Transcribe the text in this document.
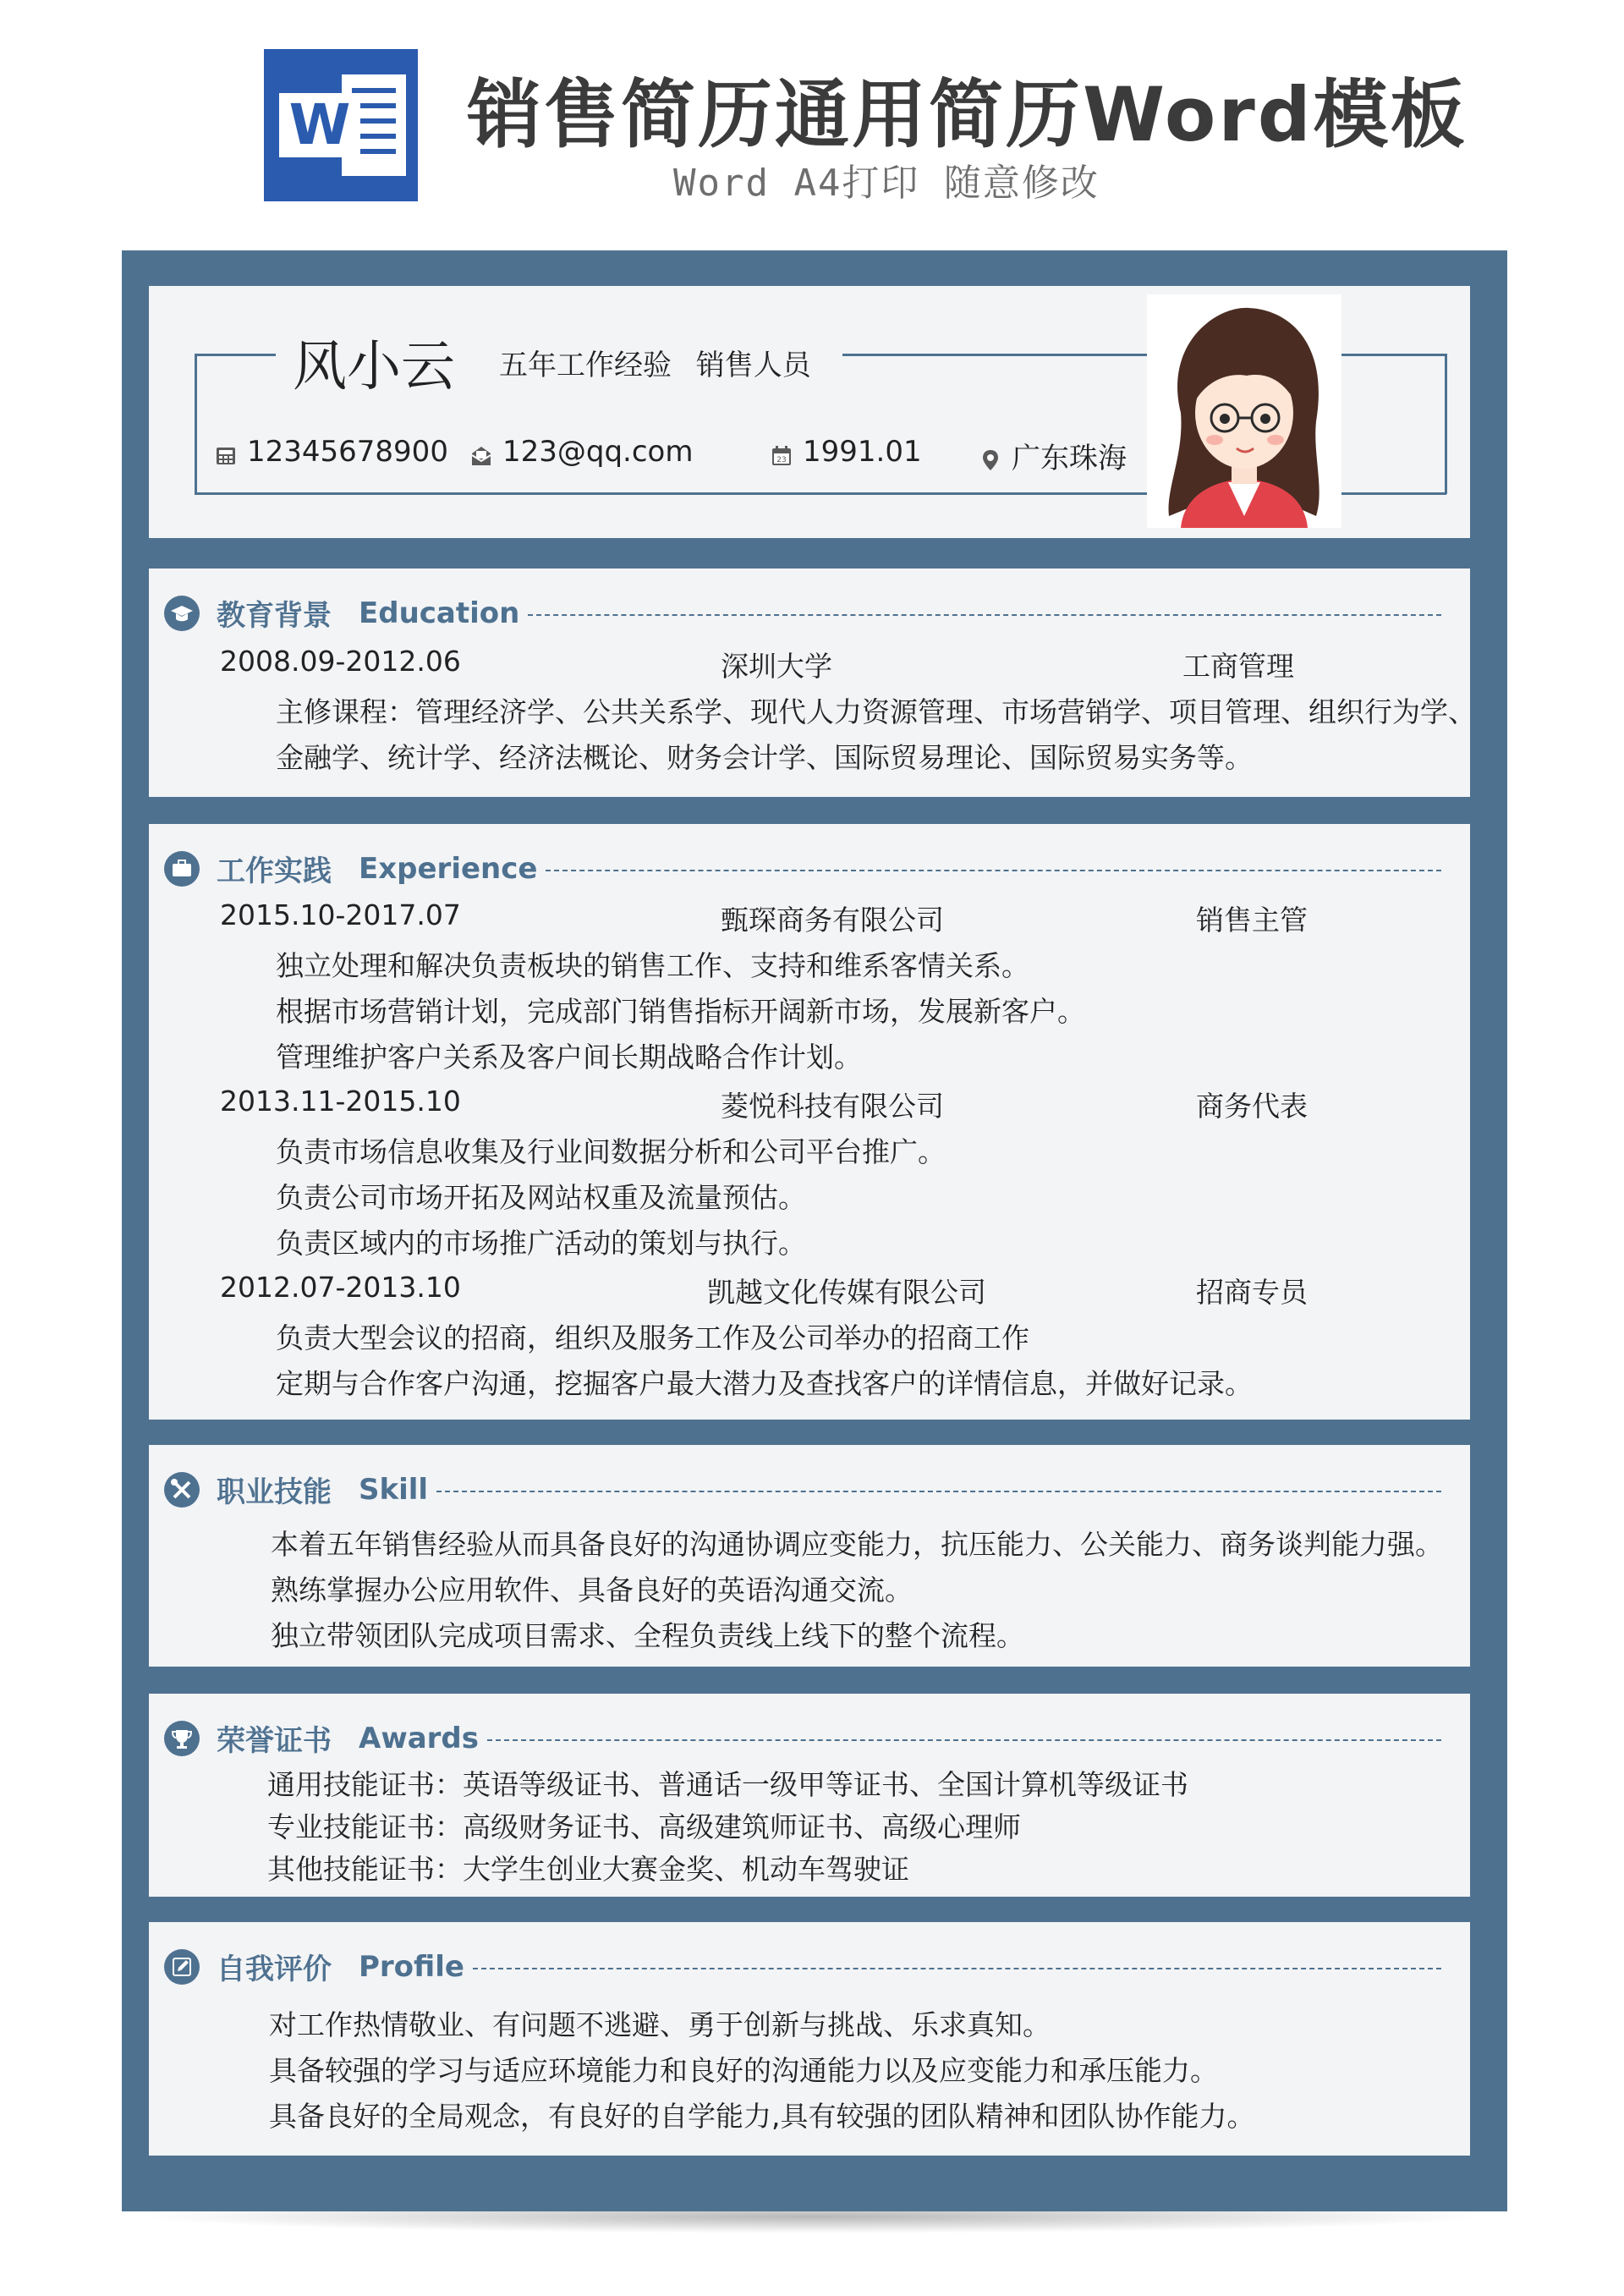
W 销售简历通用简历Word模板
Word A4打印 随意修改
风小云 五年工作经验 销售人员
12345678900 123@qq.com	23 1991.01	广东珠海
教育背景 Education
2008.09-2012.06	深圳大学	工商管理
主修课程：管理经济学、公共关系学、现代人力资源管理、市场营销学、项目管理、组织行为学、
金融学、统计学、经济法概论、财务会计学、国际贸易理论、国际贸易实务等。
工作实践 Experience
2015.10-2017.07	甄琛商务有限公司	销售主管
独立处理和解决负责板块的销售工作、支持和维系客情关系。
根据市场营销计划，完成部门销售指标开阔新市场，发展新客户。
管理维护客户关系及客户间长期战略合作计划。
2013.11-2015.10	菱悦科技有限公司	商务代表
负责市场信息收集及行业间数据分析和公司平台推广。
负责公司市场开拓及网站权重及流量预估。
负责区域内的市场推广活动的策划与执行。
2012.07-2013.10	凯越文化传媒有限公司	招商专员
负责大型会议的招商，组织及服务工作及公司举办的招商工作
定期与合作客户沟通，挖掘客户最大潜力及查找客户的详情信息，并做好记录。
职业技能 Skill
本着五年销售经验从而具备良好的沟通协调应变能力，抗压能力、公关能力、商务谈判能力强。
熟练掌握办公应用软件、具备良好的英语沟通交流。
独立带领团队完成项目需求、全程负责线上线下的整个流程。
荣誉证书 Awards
通用技能证书：英语等级证书、普通话一级甲等证书、全国计算机等级证书
专业技能证书：高级财务证书、高级建筑师证书、高级心理师
其他技能证书：大学生创业大赛金奖、机动车驾驶证
自我评价 Profile
对工作热情敬业、有问题不逃避、勇于创新与挑战、乐求真知。
具备较强的学习与适应环境能力和良好的沟通能力以及应变能力和承压能力。
具备良好的全局观念，有良好的自学能力,具有较强的团队精神和团队协作能力。
